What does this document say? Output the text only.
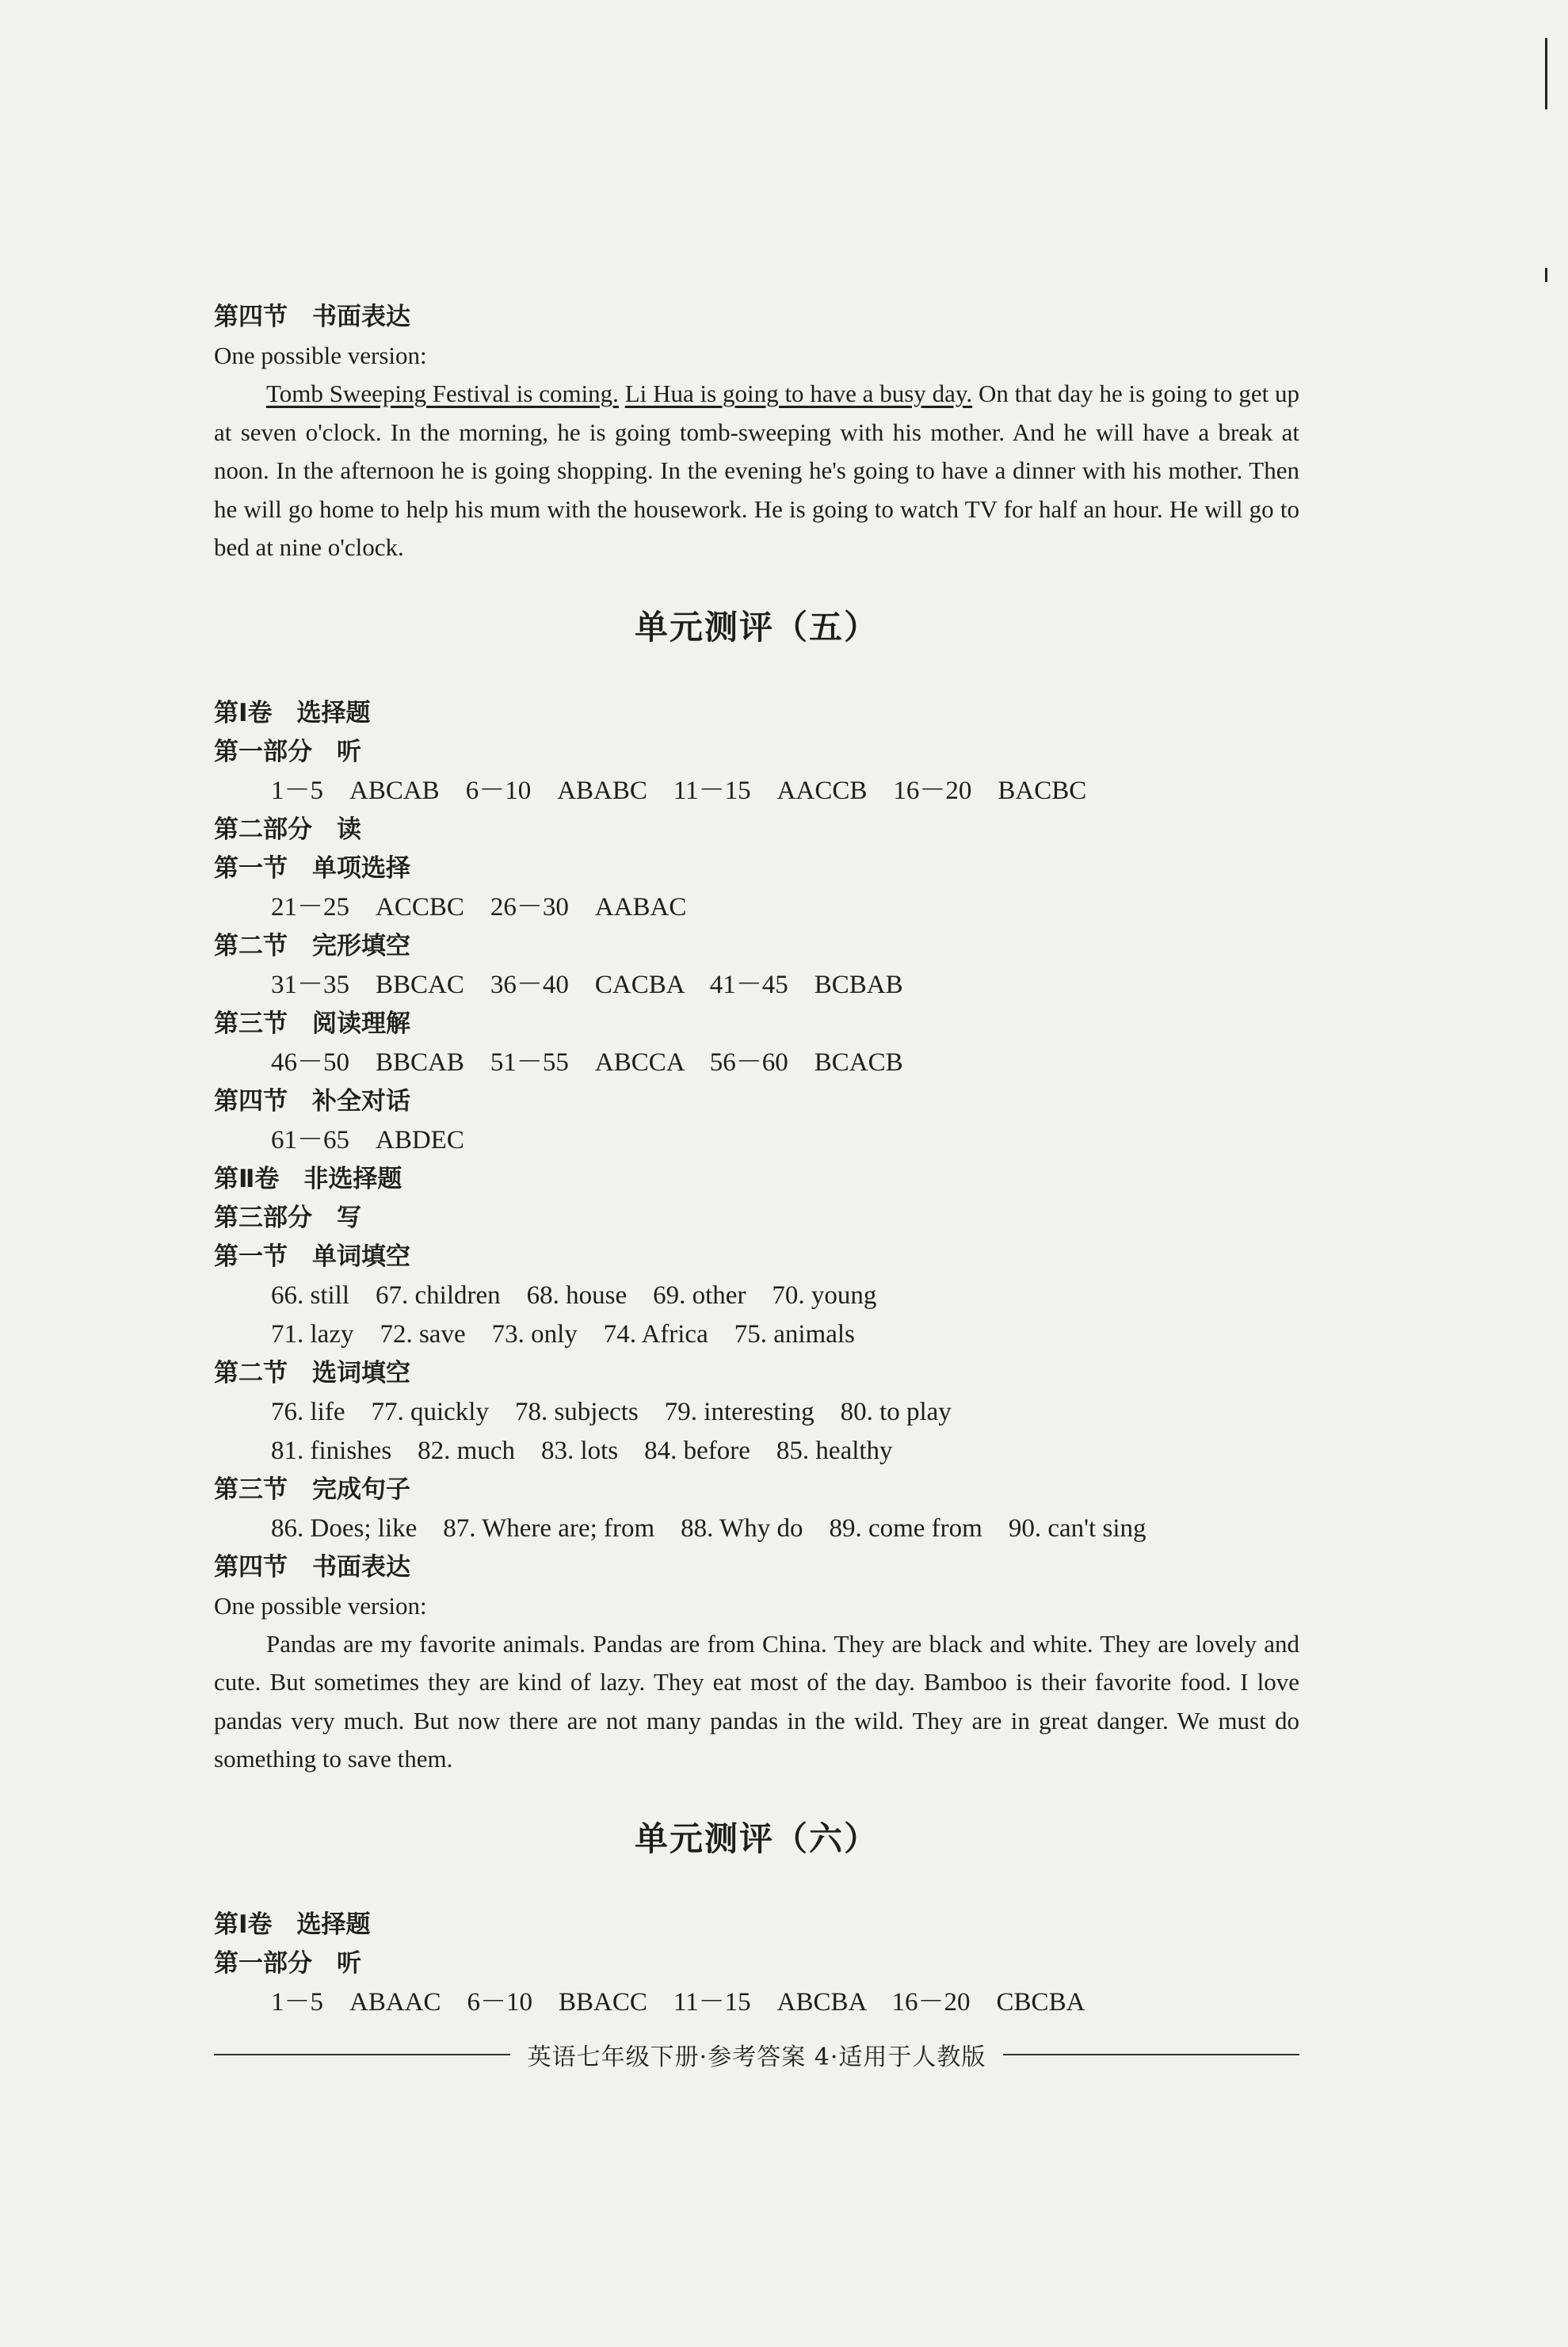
第四节　书面表达
One possible version:

Tomb Sweeping Festival is coming. Li Hua is going to have a busy day. On that day he is going to get up at seven o'clock. In the morning, he is going tomb-sweeping with his mother. And he will have a break at noon. In the afternoon he is going shopping. In the evening he's going to have a dinner with his mother. Then he will go home to help his mum with the housework. He is going to watch TV for half an hour. He will go to bed at nine o'clock.

单元测评（五）
第Ⅰ卷　选择题
第一部分　听
1－5　ABCAB　6－10　ABABC　11－15　AACCB　16－20　BACBC
第二部分　读
第一节　单项选择
21－25　ACCBC　26－30　AABAC
第二节　完形填空
31－35　BBCAC　36－40　CACBA　41－45　BCBAB
第三节　阅读理解
46－50　BBCAB　51－55　ABCCA　56－60　BCACB
第四节　补全对话
61－65　ABDEC
第Ⅱ卷　非选择题
第三部分　写
第一节　单词填空
66. still　67. children　68. house　69. other　70. young
71. lazy　72. save　73. only　74. Africa　75. animals
第二节　选词填空
76. life　77. quickly　78. subjects　79. interesting　80. to play
81. finishes　82. much　83. lots　84. before　85. healthy
第三节　完成句子
86. Does; like　87. Where are; from　88. Why do　89. come from　90. can't sing
第四节　书面表达
One possible version:

Pandas are my favorite animals. Pandas are from China. They are black and white. They are lovely and cute. But sometimes they are kind of lazy. They eat most of the day. Bamboo is their favorite food. I love pandas very much. But now there are not many pandas in the wild. They are in great danger. We must do something to save them.

单元测评（六）
第Ⅰ卷　选择题
第一部分　听
1－5　ABAAC　6－10　BBACC　11－15　ABCBA　16－20　CBCBA
英语七年级下册·参考答案 4·适用于人教版
